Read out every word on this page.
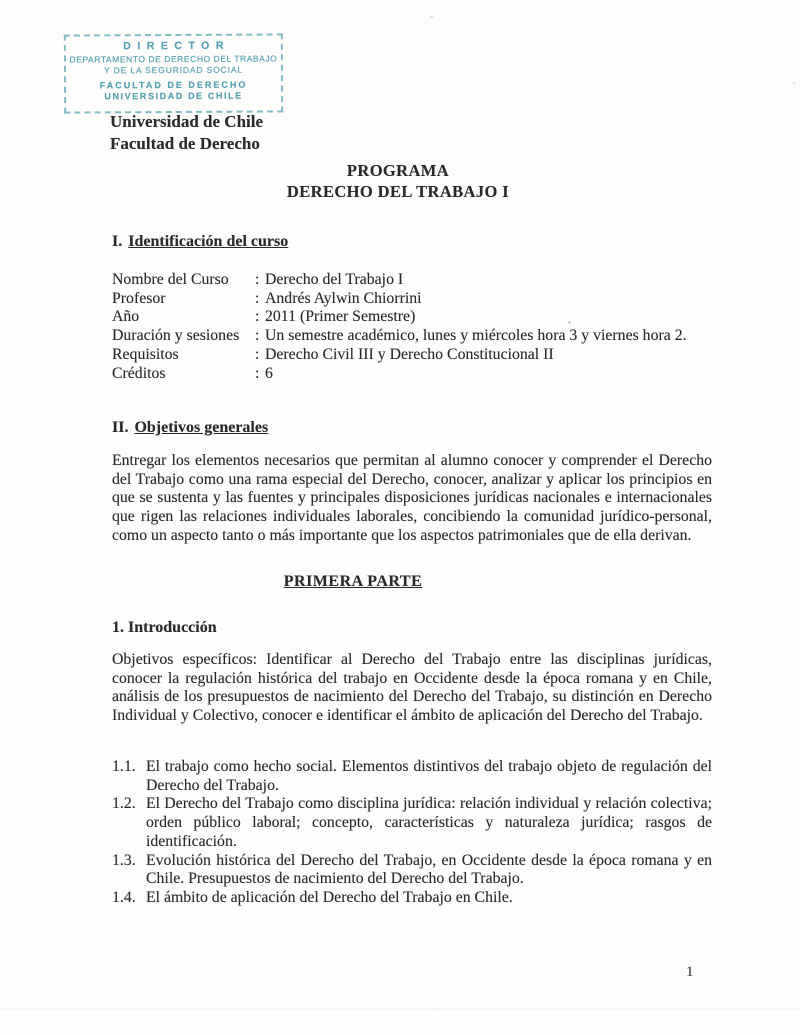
DIRECTOR
DEPARTAMENTO DE DERECHO DEL TRABAJO
Y DE LA SEGURIDAD SOCIAL
FACULTAD DE DERECHO
UNIVERSIDAD DE CHILE
Universidad de Chile
Facultad de Derecho
PROGRAMA
DERECHO DEL TRABAJO I
I. Identificación del curso
Nombre del Curso	: Derecho del Trabajo I
Profesor	: Andrés Aylwin Chiorrini
Año	: 2011 (Primer Semestre)
Duración y sesiones : Un semestre académico, lunes y miércoles hora 3 y viernes hora 2.
Requisitos	: Derecho Civil III y Derecho Constitucional II
Créditos	: 6
II. Objetivos generales
Entregar los elementos necesarios que permitan al alumno conocer y comprender el Derecho del Trabajo como una rama especial del Derecho, conocer, analizar y aplicar los principios en que se sustenta y las fuentes y principales disposiciones jurídicas nacionales e internacionales que rigen las relaciones individuales laborales, concibiendo la comunidad jurídico-personal, como un aspecto tanto o más importante que los aspectos patrimoniales que de ella derivan.
PRIMERA PARTE
1. Introducción
Objetivos específicos: Identificar al Derecho del Trabajo entre las disciplinas jurídicas, conocer la regulación histórica del trabajo en Occidente desde la época romana y en Chile, análisis de los presupuestos de nacimiento del Derecho del Trabajo, su distinción en Derecho Individual y Colectivo, conocer e identificar el ámbito de aplicación del Derecho del Trabajo.
1.1. El trabajo como hecho social. Elementos distintivos del trabajo objeto de regulación del Derecho del Trabajo.
1.2. El Derecho del Trabajo como disciplina jurídica: relación individual y relación colectiva; orden público laboral; concepto, características y naturaleza jurídica; rasgos de identificación.
1.3. Evolución histórica del Derecho del Trabajo, en Occidente desde la época romana y en Chile. Presupuestos de nacimiento del Derecho del Trabajo.
1.4. El ámbito de aplicación del Derecho del Trabajo en Chile.
1
